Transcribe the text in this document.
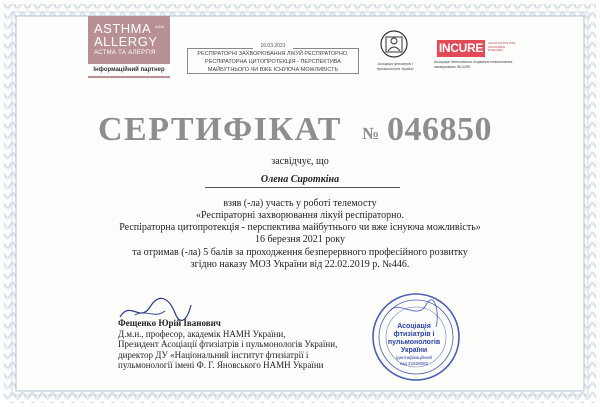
ASTHMA ASIA
ALLERGY
АСТМА ТА АЛЕРГІЯ
Інформаційний партнер
РЕСПІРАТОРНІ ЗАХВОРЮВАННЯ ЛІКУЙ РЕСПІРАТОРНО.
РЕСПІРАТОРНА ЦИТОПРОТЕКЦІЯ - ПЕРСПЕКТИВА
МАЙБУТНЬОГО ЧИ ВЖЕ ІСНУЮЧА МОЖЛИВІСТЬ
16.03.2021
Асоціація фтизіатрів і пульмонологів України
INCURE	ASSOCIATION FOR INCURABLE DISEASES
Асоціація інтенсивного лікування невиліковних захворювань INCURE
СЕРТИФІКАТ № 046850
засвідчує, що
Олена Сироткіна
взяв (-ла) участь у роботі телемосту
«Респіраторні захворювання лікуй респіраторно.
Респіраторна цитопротекція - перспектива майбутнього чи вже існуюча можливість»
16 березня 2021 року
та отримав (-ла) 5 балів за проходження безперервного професійного розвитку
згідно наказу МОЗ України від 22.02.2019 р. №446.
Фещенко Юрій Іванович
Д.м.н., професор, академік НАМН України,
Президент Асоціації фтизіатрів і пульмонологів України,
директор ДУ «Національний інститут фтизіатрії і
пульмонології імені Ф. Г. Яновського НАМН України
Асоціація
фтизіатрів і
пульмонологів
України
ідентифікаційний
код 21526082
